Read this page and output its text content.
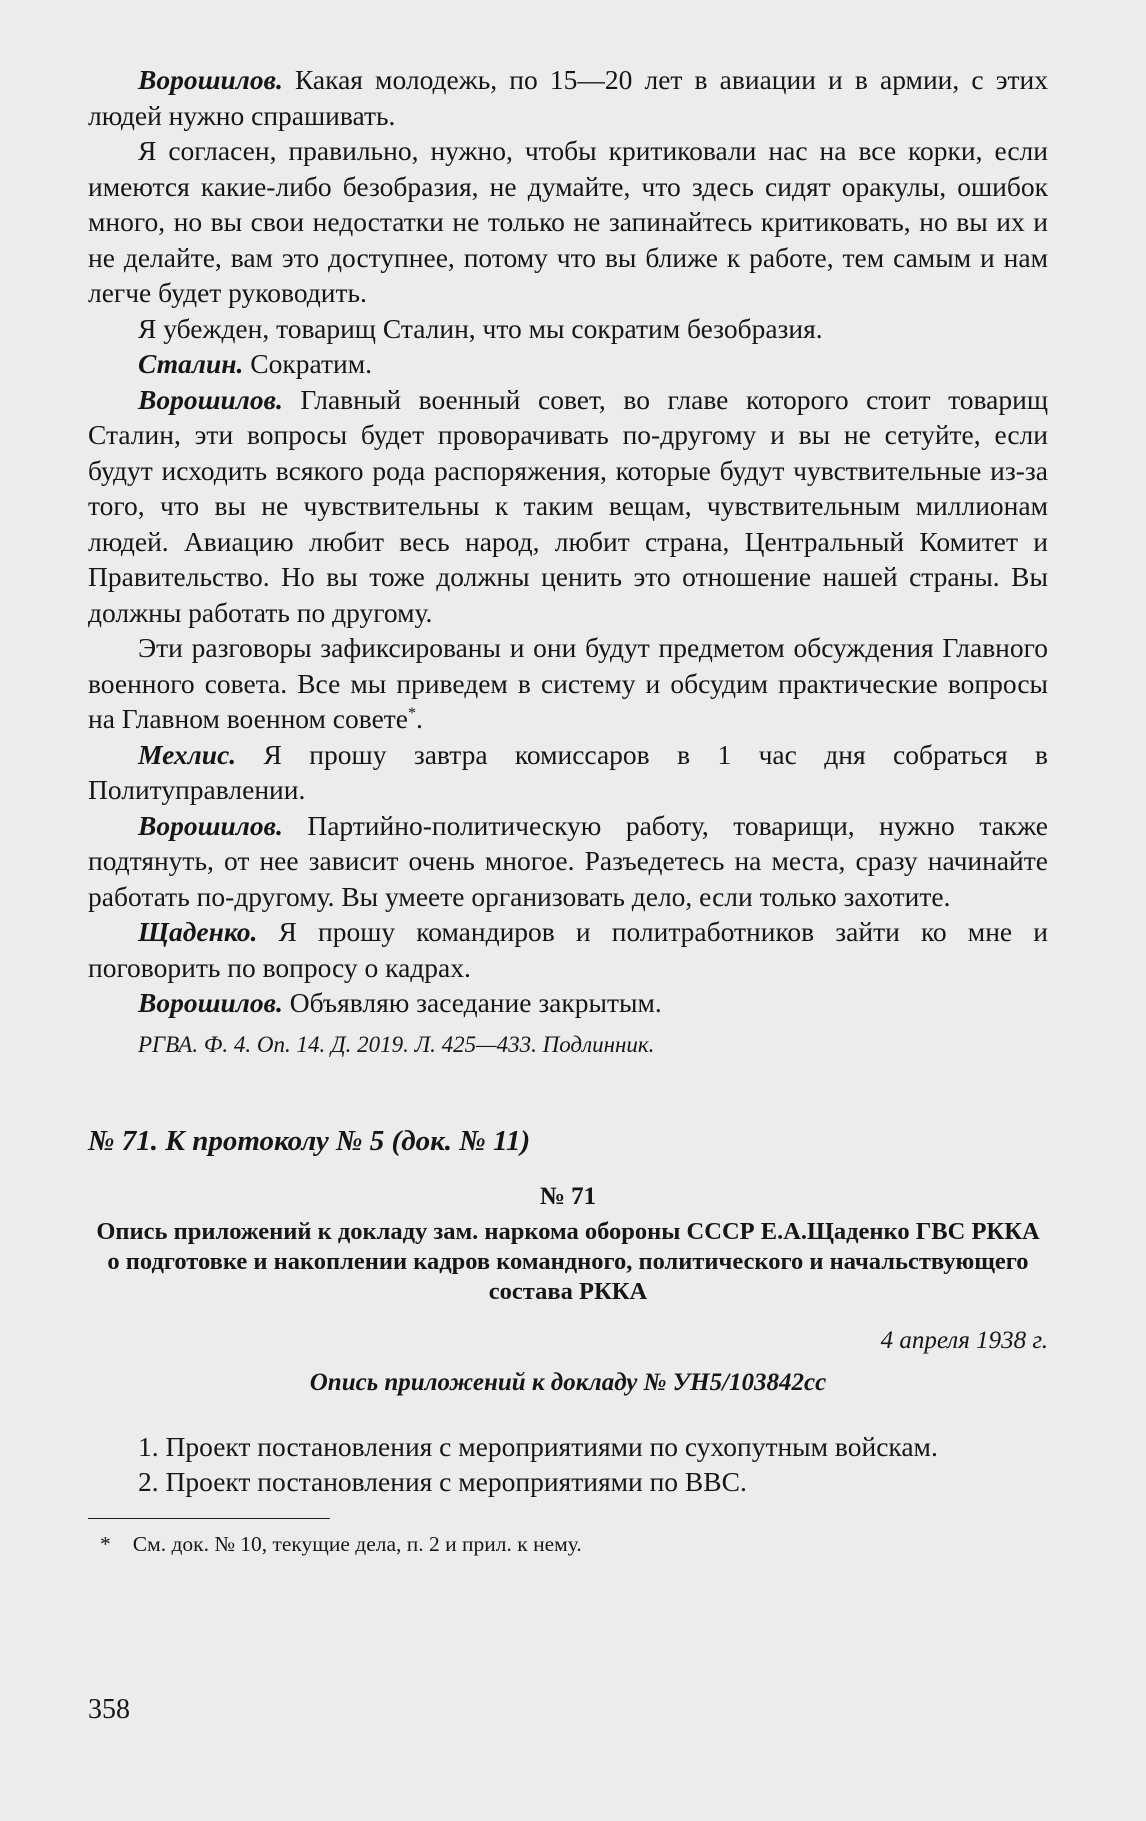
Ворошилов. Какая молодежь, по 15—20 лет в авиации и в армии, с этих людей нужно спрашивать.

Я согласен, правильно, нужно, чтобы критиковали нас на все корки, если имеются какие-либо безобразия, не думайте, что здесь сидят оракулы, ошибок много, но вы свои недостатки не только не запинайтесь критиковать, но вы их и не делайте, вам это доступнее, потому что вы ближе к работе, тем самым и нам легче будет руководить.

Я убежден, товарищ Сталин, что мы сократим безобразия.

Сталин. Сократим.

Ворошилов. Главный военный совет, во главе которого стоит товарищ Сталин, эти вопросы будет проворачивать по-другому и вы не сетуйте, если будут исходить всякого рода распоряжения, которые будут чувствительные из-за того, что вы не чувствительны к таким вещам, чувствительным миллионам людей. Авиацию любит весь народ, любит страна, Центральный Комитет и Правительство. Но вы тоже должны ценить это отношение нашей страны. Вы должны работать по другому.

Эти разговоры зафиксированы и они будут предметом обсуждения Главного военного совета. Все мы приведем в систему и обсудим практические вопросы на Главном военном совете*.

Мехлис. Я прошу завтра комиссаров в 1 час дня собраться в Политуправлении.

Ворошилов. Партийно-политическую работу, товарищи, нужно также подтянуть, от нее зависит очень многое. Разъедетесь на места, сразу начинайте работать по-другому. Вы умеете организовать дело, если только захотите.

Щаденко. Я прошу командиров и политработников зайти ко мне и поговорить по вопросу о кадрах.

Ворошилов. Объявляю заседание закрытым.

РГВА. Ф. 4. Оп. 14. Д. 2019. Л. 425—433. Подлинник.

№ 71. К протоколу № 5 (док. № 11)

№ 71

Опись приложений к докладу зам. наркома обороны СССР Е.А.Щаденко ГВС РККА о подготовке и накоплении кадров командного, политического и начальствующего состава РККА

4 апреля 1938 г.

Опись приложений к докладу № УН5/103842сс

1. Проект постановления с мероприятиями по сухопутным войскам.

2. Проект постановления с мероприятиями по ВВС.

* См. док. № 10, текущие дела, п. 2 и прил. к нему.

358
